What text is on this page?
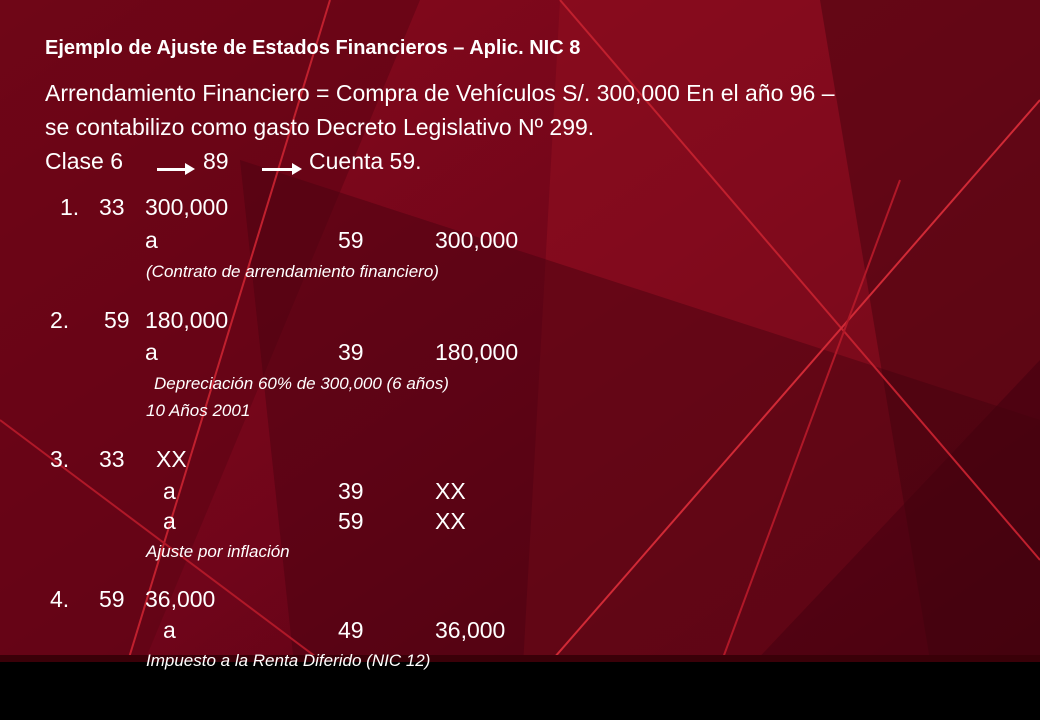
Ejemplo de Ajuste de Estados Financieros – Aplic. NIC 8
Arrendamiento Financiero = Compra de Vehículos S/. 300,000 En el año 96 –
se contabilizo como gasto Decreto Legislativo Nº 299.
Clase 6	89	Cuenta 59.
1. 33 300,000
a	59	300,000
(Contrato de arrendamiento financiero)
2. 59 180,000
a	39	180,000
Depreciación 60% de 300,000 (6 años)
10 Años 2001
3. 33 XX
a	39	XX
a	59	XX
Ajuste por inflación
4. 59 36,000
a	49	36,000
Impuesto a la Renta Diferido (NIC 12)
